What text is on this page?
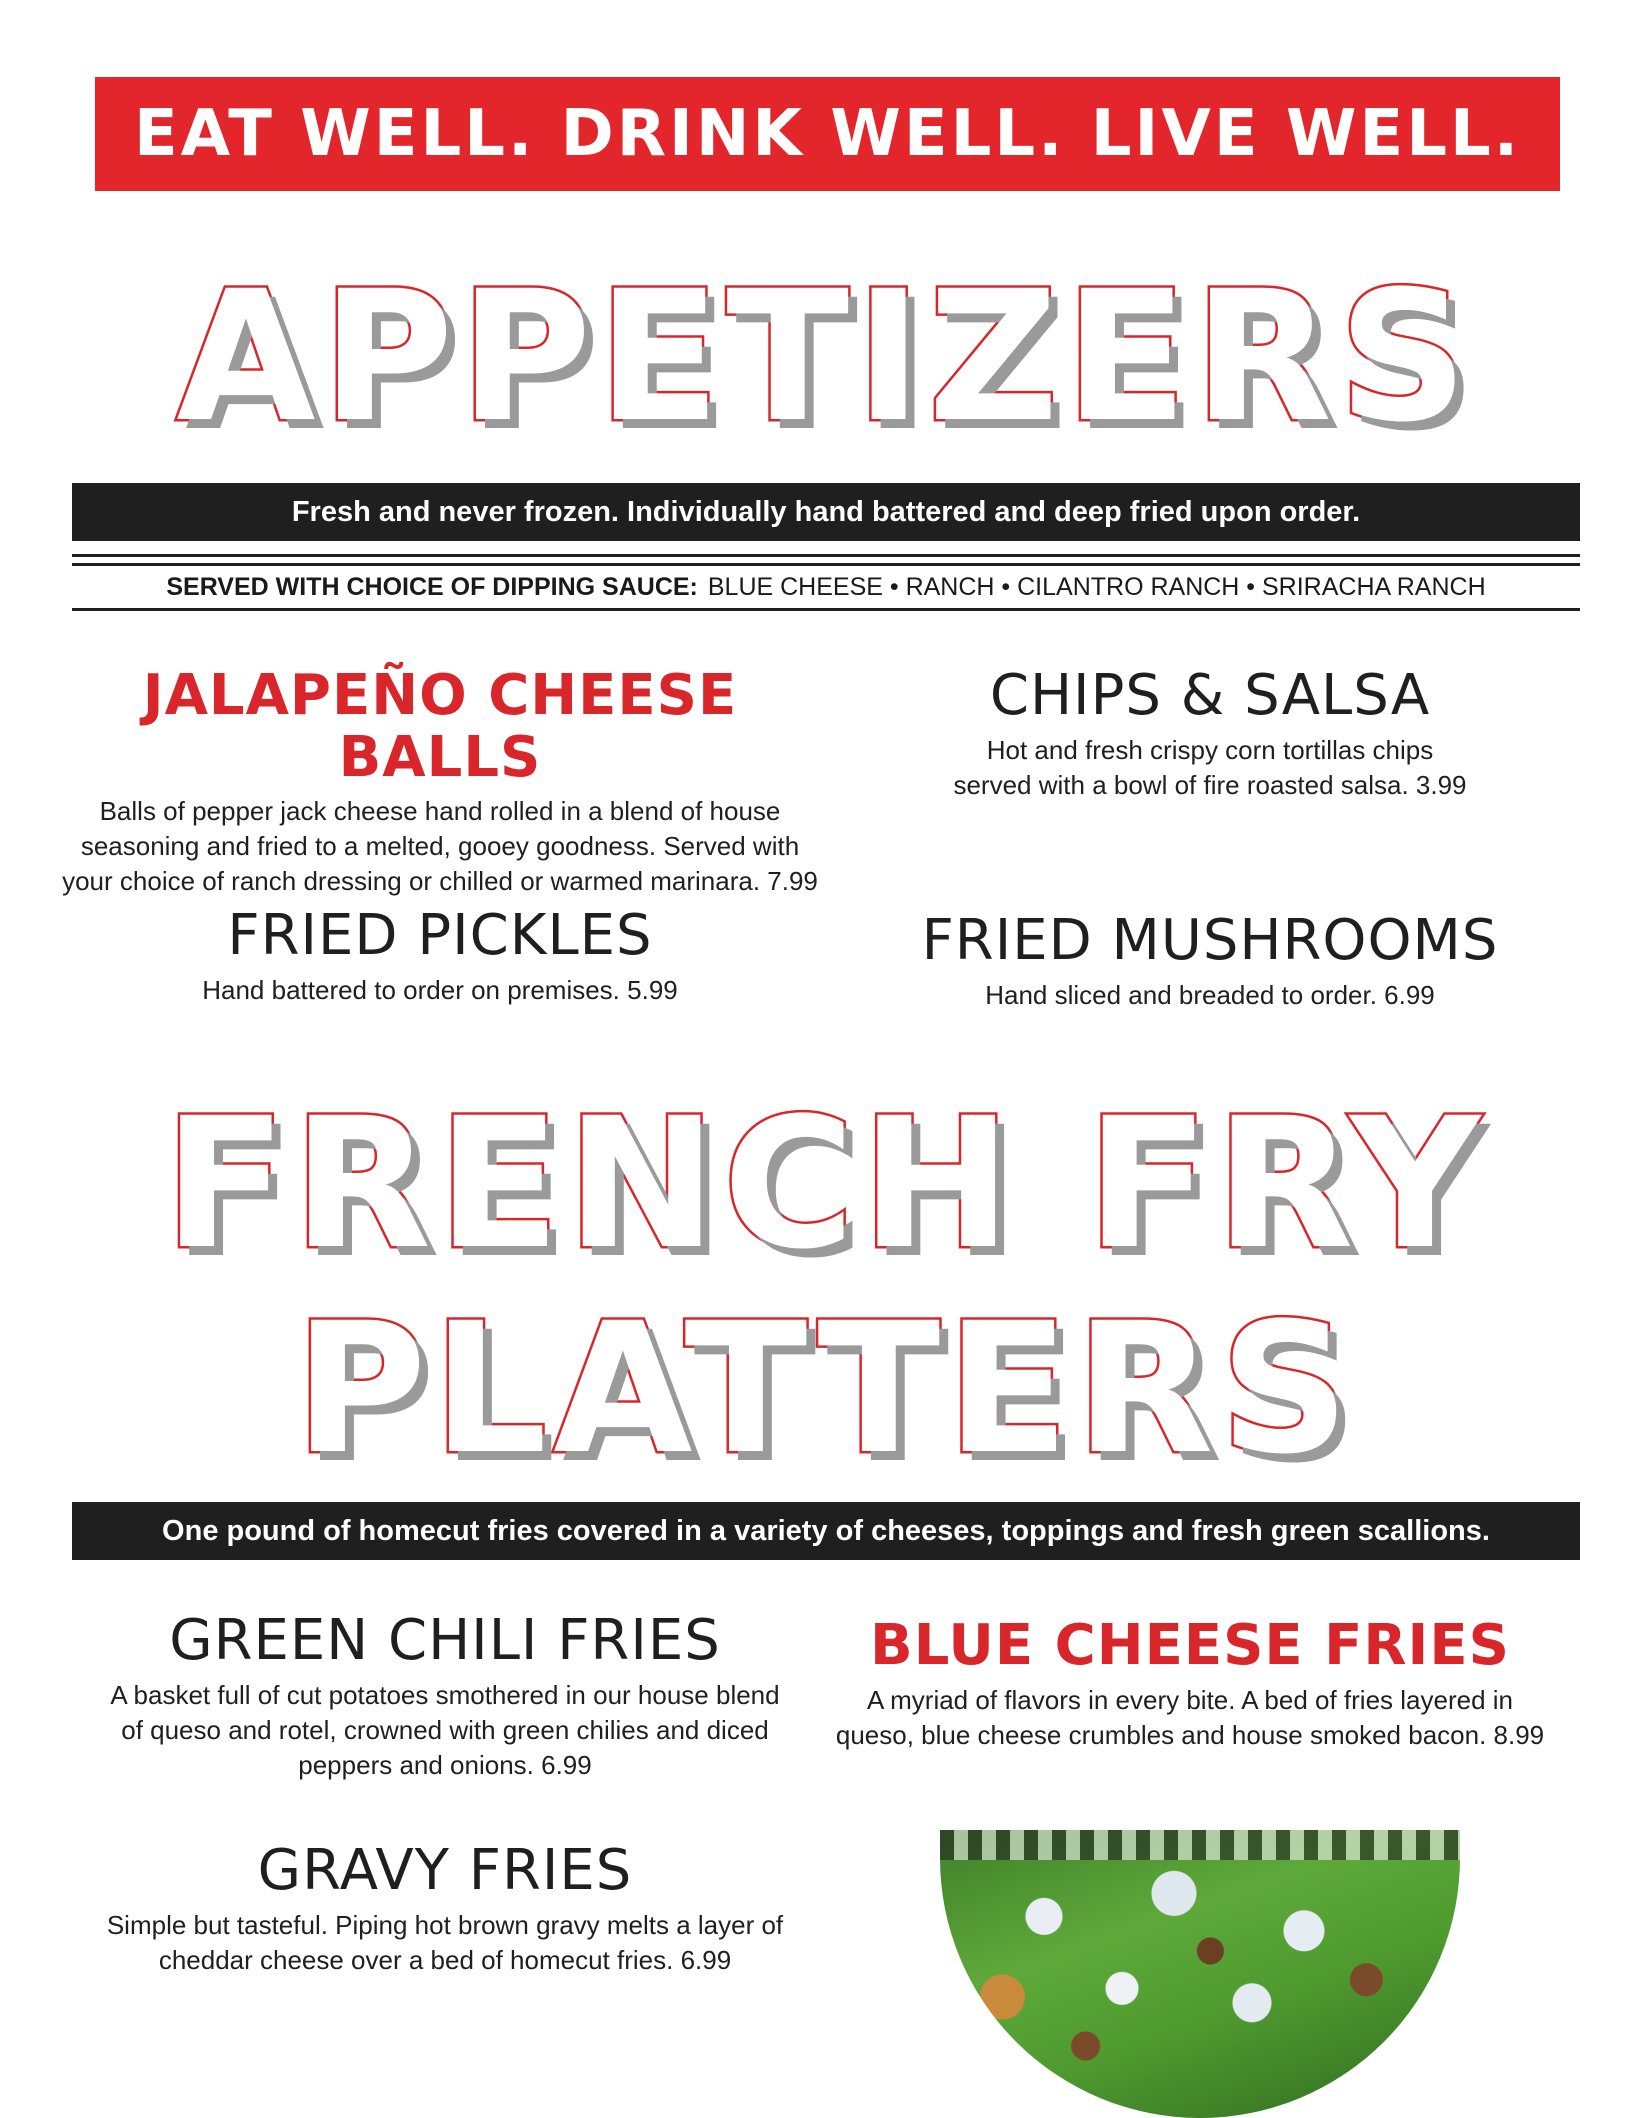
EAT WELL. DRINK WELL. LIVE WELL.
APPETIZERS
Fresh and never frozen. Individually hand battered and deep fried upon order.
SERVED WITH CHOICE OF DIPPING SAUCE: BLUE CHEESE • RANCH • CILANTRO RANCH • SRIRACHA RANCH
JALAPEÑO CHEESE BALLS
Balls of pepper jack cheese hand rolled in a blend of house seasoning and fried to a melted, gooey goodness. Served with your choice of ranch dressing or chilled or warmed marinara. 7.99
CHIPS & SALSA
Hot and fresh crispy corn tortillas chips served with a bowl of fire roasted salsa. 3.99
FRIED PICKLES
Hand battered to order on premises. 5.99
FRIED MUSHROOMS
Hand sliced and breaded to order. 6.99
FRENCH FRY
PLATTERS
One pound of homecut fries covered in a variety of cheeses, toppings and fresh green scallions.
GREEN CHILI FRIES
A basket full of cut potatoes smothered in our house blend of queso and rotel, crowned with green chilies and diced peppers and onions. 6.99
BLUE CHEESE FRIES
A myriad of flavors in every bite. A bed of fries layered in queso, blue cheese crumbles and house smoked bacon. 8.99
GRAVY FRIES
Simple but tasteful. Piping hot brown gravy melts a layer of cheddar cheese over a bed of homecut fries. 6.99
